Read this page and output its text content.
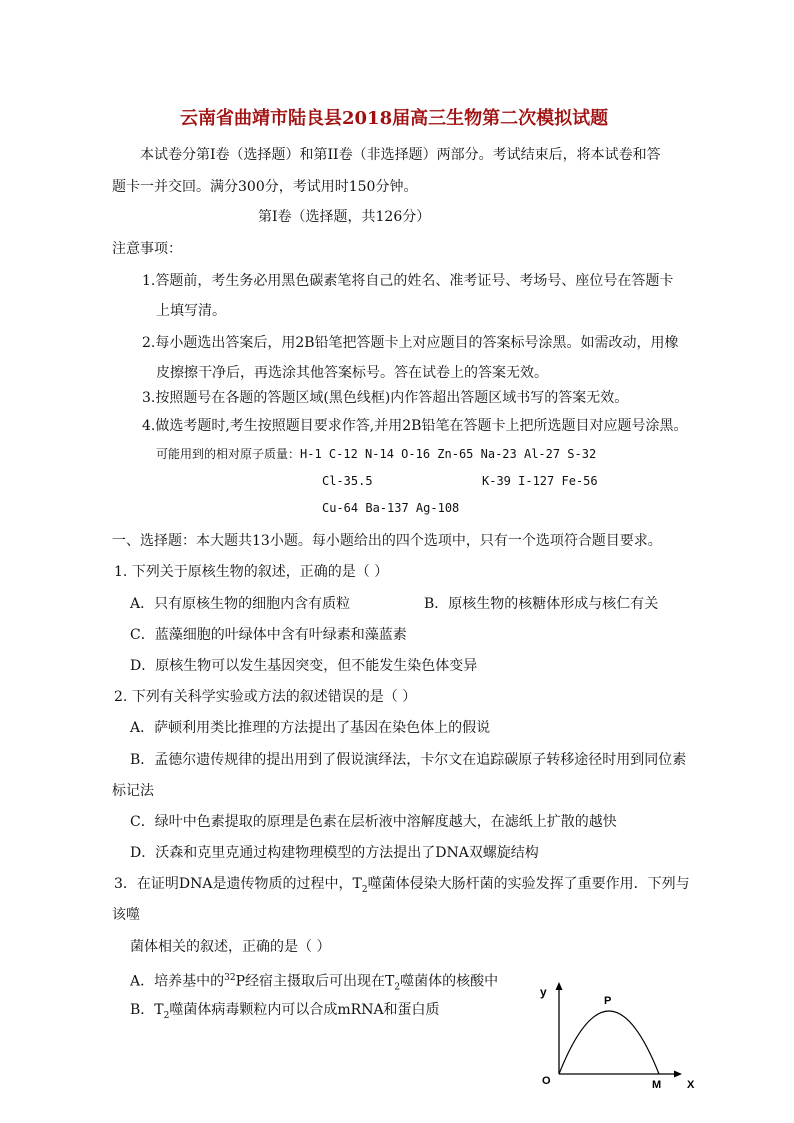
云南省曲靖市陆良县2018届高三生物第二次模拟试题
本试卷分第Ⅰ卷（选择题）和第II卷（非选择题）两部分。考试结束后，将本试卷和答
题卡一并交回。满分300分，考试用时150分钟。
第Ⅰ卷（选择题，共126分）
注意事项：
1.答题前，考生务必用黑色碳素笔将自己的姓名、准考证号、考场号、座位号在答题卡
上填写清。
2.每小题选出答案后，用2B铅笔把答题卡上对应题目的答案标号涂黑。如需改动，用橡
皮擦擦干净后，再选涂其他答案标号。答在试卷上的答案无效。
3.按照题号在各题的答题区域(黑色线框)内作答超出答题区域书写的答案无效。
4.做选考题时,考生按照题目要求作答,并用2B铅笔在答题卡上把所选题目对应题号涂黑。
可能用到的相对原子质量：H-1 C-12 N-14 O-16 Zn-65 Na-23 Al-27 S-32
Cl-35.5	K-39 I-127 Fe-56
Cu-64 Ba-137 Ag-108
一、选择题：本大题共13小题。每小题给出的四个选项中，只有一个选项符合题目要求。
1. 下列关于原核生物的叙述，正确的是（ ）
A．只有原核生物的细胞内含有质粒	B．原核生物的核糖体形成与核仁有关
C．蓝藻细胞的叶绿体中含有叶绿素和藻蓝素
D．原核生物可以发生基因突变，但不能发生染色体变异
2. 下列有关科学实验或方法的叙述错误的是（ ）
A．萨顿利用类比推理的方法提出了基因在染色体上的假说
B．孟德尔遗传规律的提出用到了假说演绎法，卡尔文在追踪碳原子转移途径时用到同位素
标记法
C．绿叶中色素提取的原理是色素在层析液中溶解度越大，在滤纸上扩散的越快
D．沃森和克里克通过构建物理模型的方法提出了DNA双螺旋结构
3．在证明DNA是遗传物质的过程中，$T_2$噬菌体侵染大肠杆菌的实验发挥了重要作用．下列与
该噬
菌体相关的叙述，正确的是（ ）
A．培养基中的$^{32}$P经宿主摄取后可出现在$T_2$噬菌体的核酸中
B．$T_2$噬菌体病毒颗粒内可以合成mRNA和蛋白质
y
P
O	M X
